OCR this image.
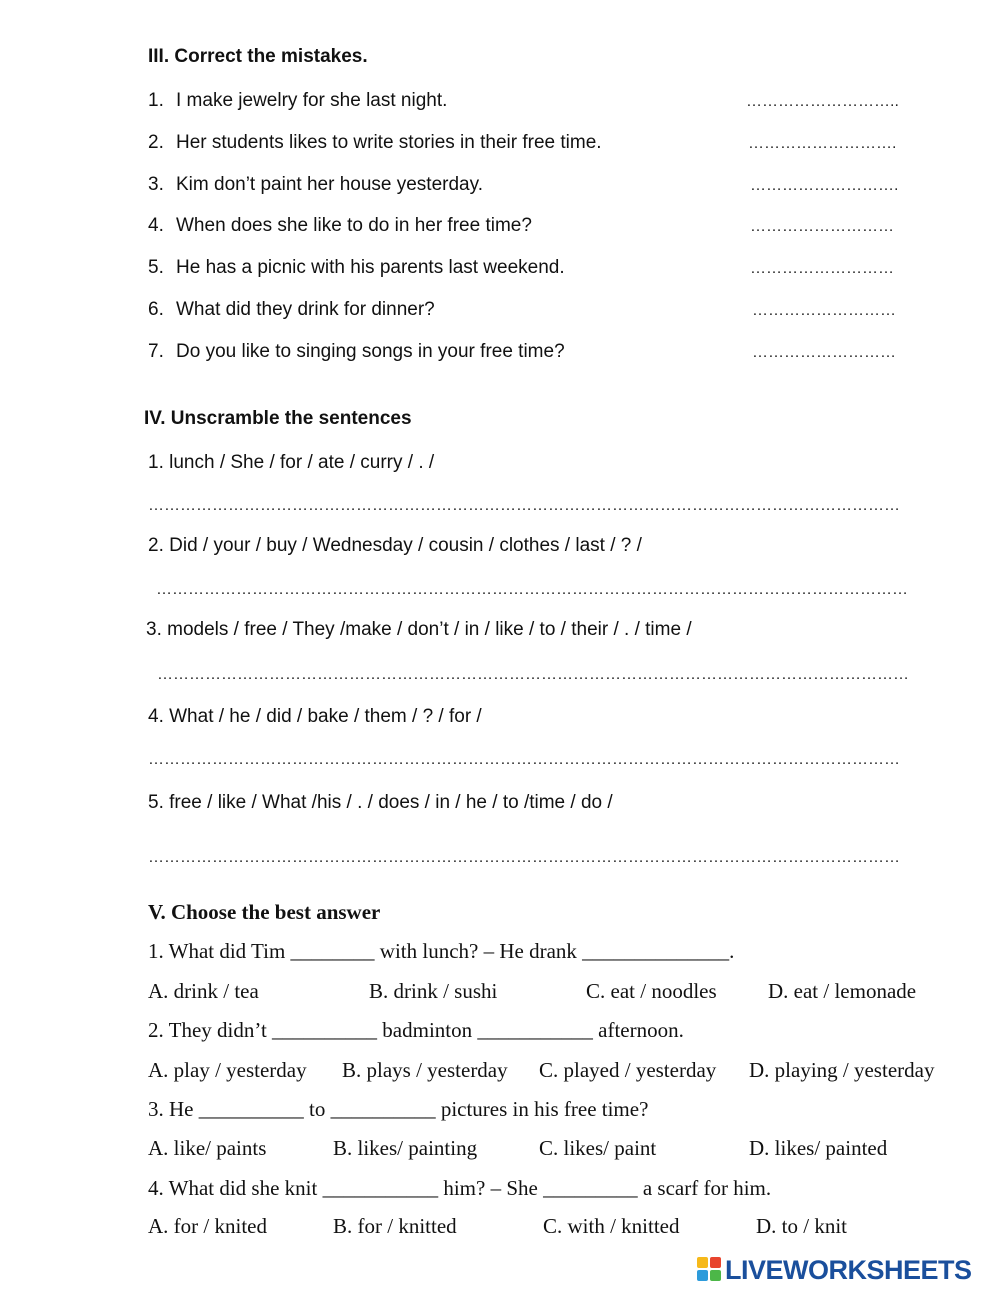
III. Correct the mistakes.
1. I make jewelry for she last night.	………………………..
2. Her students likes to write stories in their free time.	……………………….
3. Kim don’t paint her house yesterday.	……………………….
4. When does she like to do in her free time?	………………………
5. He has a picnic with his parents last weekend.	………………………
6. What did they drink for dinner?	………………………
7. Do you like to singing songs in your free time?	………………………
IV. Unscramble the sentences
1. lunch / She / for / ate / curry / . /
……………………………………………………………………………………………………………………………
2. Did / your / buy / Wednesday / cousin / clothes / last / ? /
……………………………………………………………………………………………………………………………
3. models / free / They /make / don’t / in / like / to / their / . / time /
……………………………………………………………………………………………………………………………
4. What / he / did / bake / them / ? / for /
……………………………………………………………………………………………………………………………
5. free / like / What /his / . / does / in / he / to /time / do /
……………………………………………………………………………………………………………………………
V. Choose the best answer
1. What did Tim ________ with lunch? – He drank ______________.
A. drink / tea	B. drink / sushi	C. eat / noodles D. eat / lemonade
2. They didn’t __________ badminton ___________ afternoon.
A. play / yesterday B. plays / yesterday C. played / yesterday D. playing / yesterday
3. He __________ to __________ pictures in his free time?
A. like/ paints	B. likes/ painting	C. likes/ paint	D. likes/ painted
4. What did she knit ___________ him? – She _________ a scarf for him.
A. for / knited	B. for / knitted	C. with / knitted	D. to / knit
LIVEWORKSHEETS
